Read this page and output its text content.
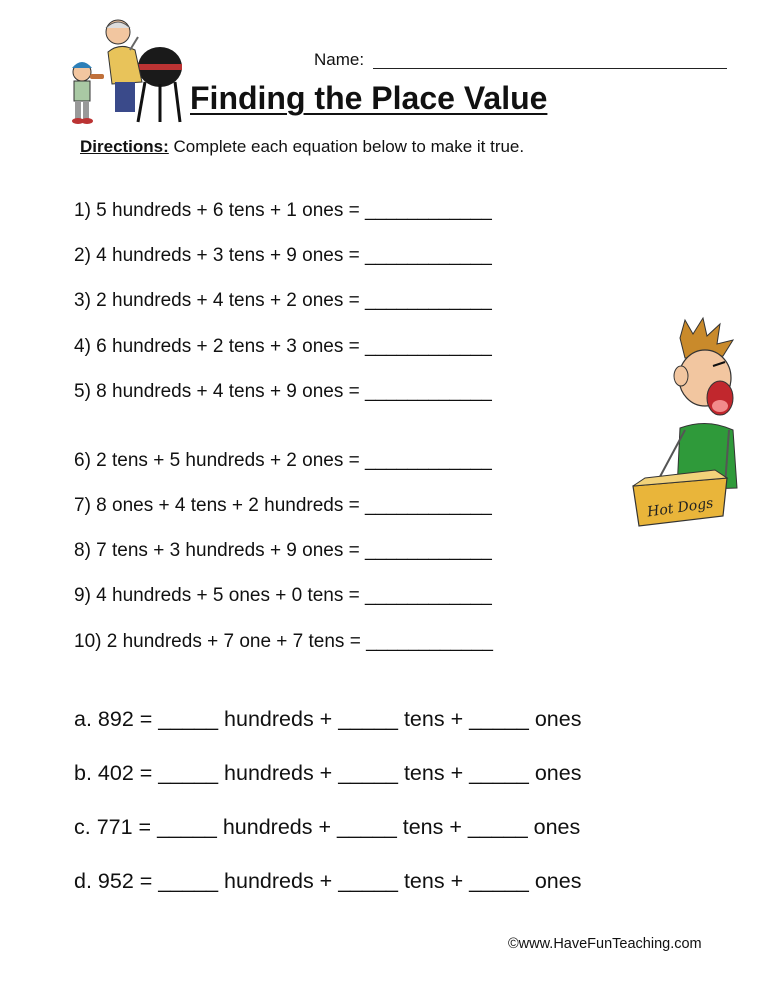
Name:
Finding the Place Value
Directions: Complete each equation below to make it true.
1) 5 hundreds + 6 tens + 1 ones = ____________
2) 4 hundreds + 3 tens + 9 ones = ____________
3) 2 hundreds + 4 tens + 2 ones = ____________
4) 6 hundreds + 2 tens + 3 ones = ____________
5) 8 hundreds + 4 tens + 9 ones = ____________
6) 2 tens + 5 hundreds + 2 ones = ____________
7) 8 ones + 4 tens + 2 hundreds = ____________
8) 7 tens + 3 hundreds + 9 ones = ____________
9) 4 hundreds + 5 ones + 0 tens = ____________
10) 2 hundreds + 7 one + 7 tens = ____________
Hot Dogs
a. 892 = _____ hundreds + _____ tens + _____ ones
b. 402 = _____ hundreds + _____ tens + _____ ones
c. 771 = _____ hundreds + _____ tens + _____ ones
d. 952 = _____ hundreds + _____ tens + _____ ones
©www.HaveFunTeaching.com
